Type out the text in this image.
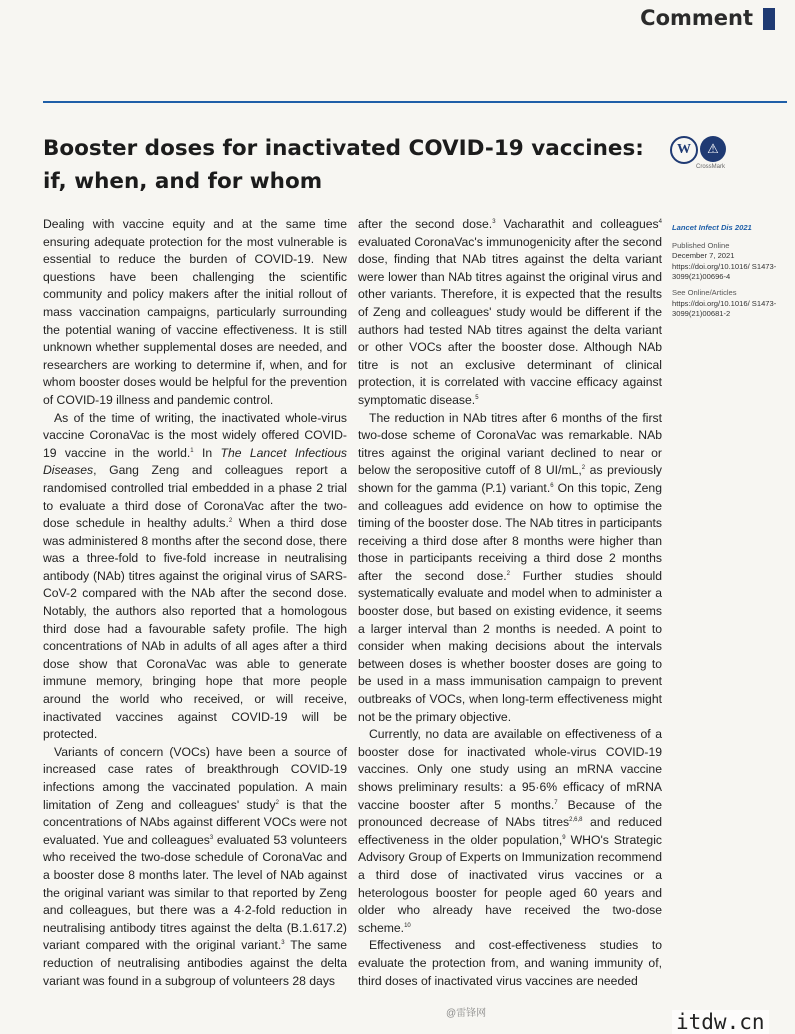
Comment
Booster doses for inactivated COVID-19 vaccines: if, when, and for whom
W	⚠
CrossMark

Dealing with vaccine equity and at the same time ensuring adequate protection for the most vulnerable is essential to reduce the burden of COVID-19. New questions have been challenging the scientific community and policy makers after the initial rollout of mass vaccination campaigns, particularly surrounding the potential waning of vaccine effectiveness. It is still unknown whether supplemental doses are needed, and researchers are working to determine if, when, and for whom booster doses would be helpful for the prevention of COVID-19 illness and pandemic control.

As of the time of writing, the inactivated whole-virus vaccine CoronaVac is the most widely offered COVID-19 vaccine in the world.$^1$ In The Lancet Infectious Diseases, Gang Zeng and colleagues report a randomised controlled trial embedded in a phase 2 trial to evaluate a third dose of CoronaVac after the two-dose schedule in healthy adults.$^2$ When a third dose was administered 8 months after the second dose, there was a three-fold to five-fold increase in neutralising antibody (NAb) titres against the original virus of SARS-CoV-2 compared with the NAb after the second dose. Notably, the authors also reported that a homologous third dose had a favourable safety profile. The high concentrations of NAb in adults of all ages after a third dose show that CoronaVac was able to generate immune memory, bringing hope that more people around the world who received, or will receive, inactivated vaccines against COVID-19 will be protected.

Variants of concern (VOCs) have been a source of increased case rates of breakthrough COVID-19 infections among the vaccinated population. A main limitation of Zeng and colleagues' study$^2$ is that the concentrations of NAbs against different VOCs were not evaluated. Yue and colleagues$^3$ evaluated 53 volunteers who received the two-dose schedule of CoronaVac and a booster dose 8 months later. The level of NAb against the original variant was similar to that reported by Zeng and colleagues, but there was a 4·2-fold reduction in neutralising antibody titres against the delta (B.1.617.2) variant compared with the original variant.$^3$ The same reduction of neutralising antibodies against the delta variant was found in a subgroup of volunteers 28 days

after the second dose.$^3$ Vacharathit and colleagues$^4$ evaluated CoronaVac's immunogenicity after the second dose, finding that NAb titres against the delta variant were lower than NAb titres against the original virus and other variants. Therefore, it is expected that the results of Zeng and colleagues' study would be different if the authors had tested NAb titres against the delta variant or other VOCs after the booster dose. Although NAb titre is not an exclusive determinant of clinical protection, it is correlated with vaccine efficacy against symptomatic disease.$^5$

The reduction in NAb titres after 6 months of the first two-dose scheme of CoronaVac was remarkable. NAb titres against the original variant declined to near or below the seropositive cutoff of 8 UI/mL,$^2$ as previously shown for the gamma (P.1) variant.$^6$ On this topic, Zeng and colleagues add evidence on how to optimise the timing of the booster dose. The NAb titres in participants receiving a third dose after 8 months were higher than those in participants receiving a third dose 2 months after the second dose.$^2$ Further studies should systematically evaluate and model when to administer a booster dose, but based on existing evidence, it seems a larger interval than 2 months is needed. A point to consider when making decisions about the intervals between doses is whether booster doses are going to be used in a mass immunisation campaign to prevent outbreaks of VOCs, when long-term effectiveness might not be the primary objective.

Currently, no data are available on effectiveness of a booster dose for inactivated whole-virus COVID-19 vaccines. Only one study using an mRNA vaccine shows preliminary results: a 95·6% efficacy of mRNA vaccine booster after 5 months.$^7$ Because of the pronounced decrease of NAbs titres$^{2,6,8}$ and reduced effectiveness in the older population,$^9$ WHO's Strategic Advisory Group of Experts on Immunization recommend a third dose of inactivated virus vaccines or a heterologous booster for people aged 60 years and older who already have received the two-dose scheme.$^{10}$

Effectiveness and cost-effectiveness studies to evaluate the protection from, and waning immunity of, third doses of inactivated virus vaccines are needed

Lancet Infect Dis 2021
Published Online
December 7, 2021
https://doi.org/10.1016/ S1473-3099(21)00696-4
See Online/Articles
https://doi.org/10.1016/ S1473-3099(21)00681-2
@雷锋网	itdw.cn
